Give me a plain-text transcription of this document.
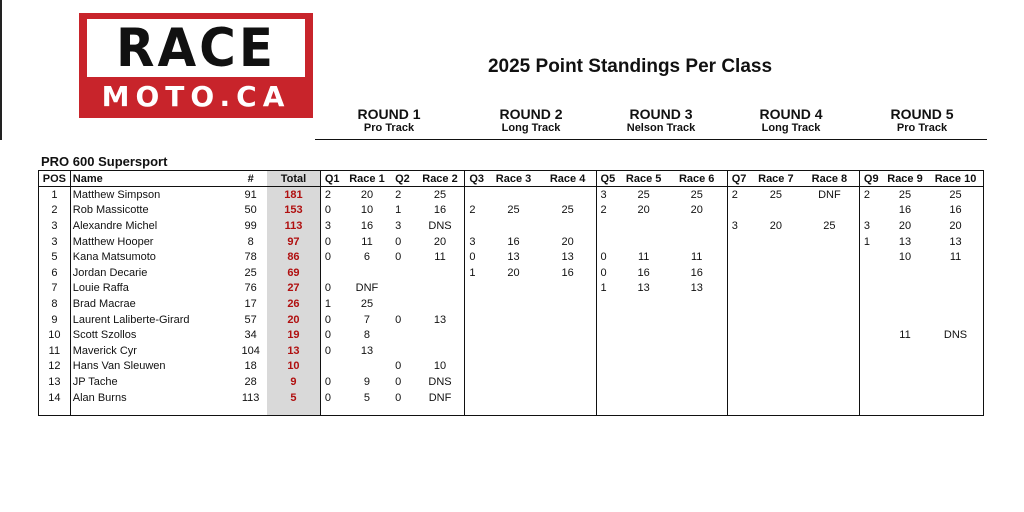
RACE
MOTO.CA
2025 Point Standings Per Class
ROUND 1
Pro Track
ROUND 2
Long Track
ROUND 3
Nelson Track
ROUND 4
Long Track
ROUND 5
Pro Track
PRO 600 Supersport
POS	Name	#	Total	Q1	Race 1	Q2	Race 2	Q3	Race 3	Race 4	Q5	Race 5	Race 6	Q7	Race 7	Race 8	Q9	Race 9	Race 10
1	Matthew Simpson	91	181	2	20	2	25				3	25	25	2	25	DNF	2	25	25
2	Rob Massicotte	50	153	0	10	1	16	2	25	25	2	20	20					16	16
3	Alexandre Michel	99	113	3	16	3	DNS							3	20	25	3	20	20
3	Matthew Hooper	8	97	0	11	0	20	3	16	20							1	13	13
5	Kana Matsumoto	78	86	0	6	0	11	0	13	13	0	11	11					10	11
6	Jordan Decarie	25	69					1	20	16	0	16	16						
7	Louie Raffa	76	27	0	DNF						1	13	13						
8	Brad Macrae	17	26	1	25														
9	Laurent Laliberte-Girard	57	20	0	7	0	13												
10	Scott Szollos	34	19	0	8													11	DNS
11	Maverick Cyr	104	13	0	13														
12	Hans Van Sleuwen	18	10			0	10												
13	JP Tache	28	9	0	9	0	DNS												
14	Alan Burns	113	5	0	5	0	DNF												
